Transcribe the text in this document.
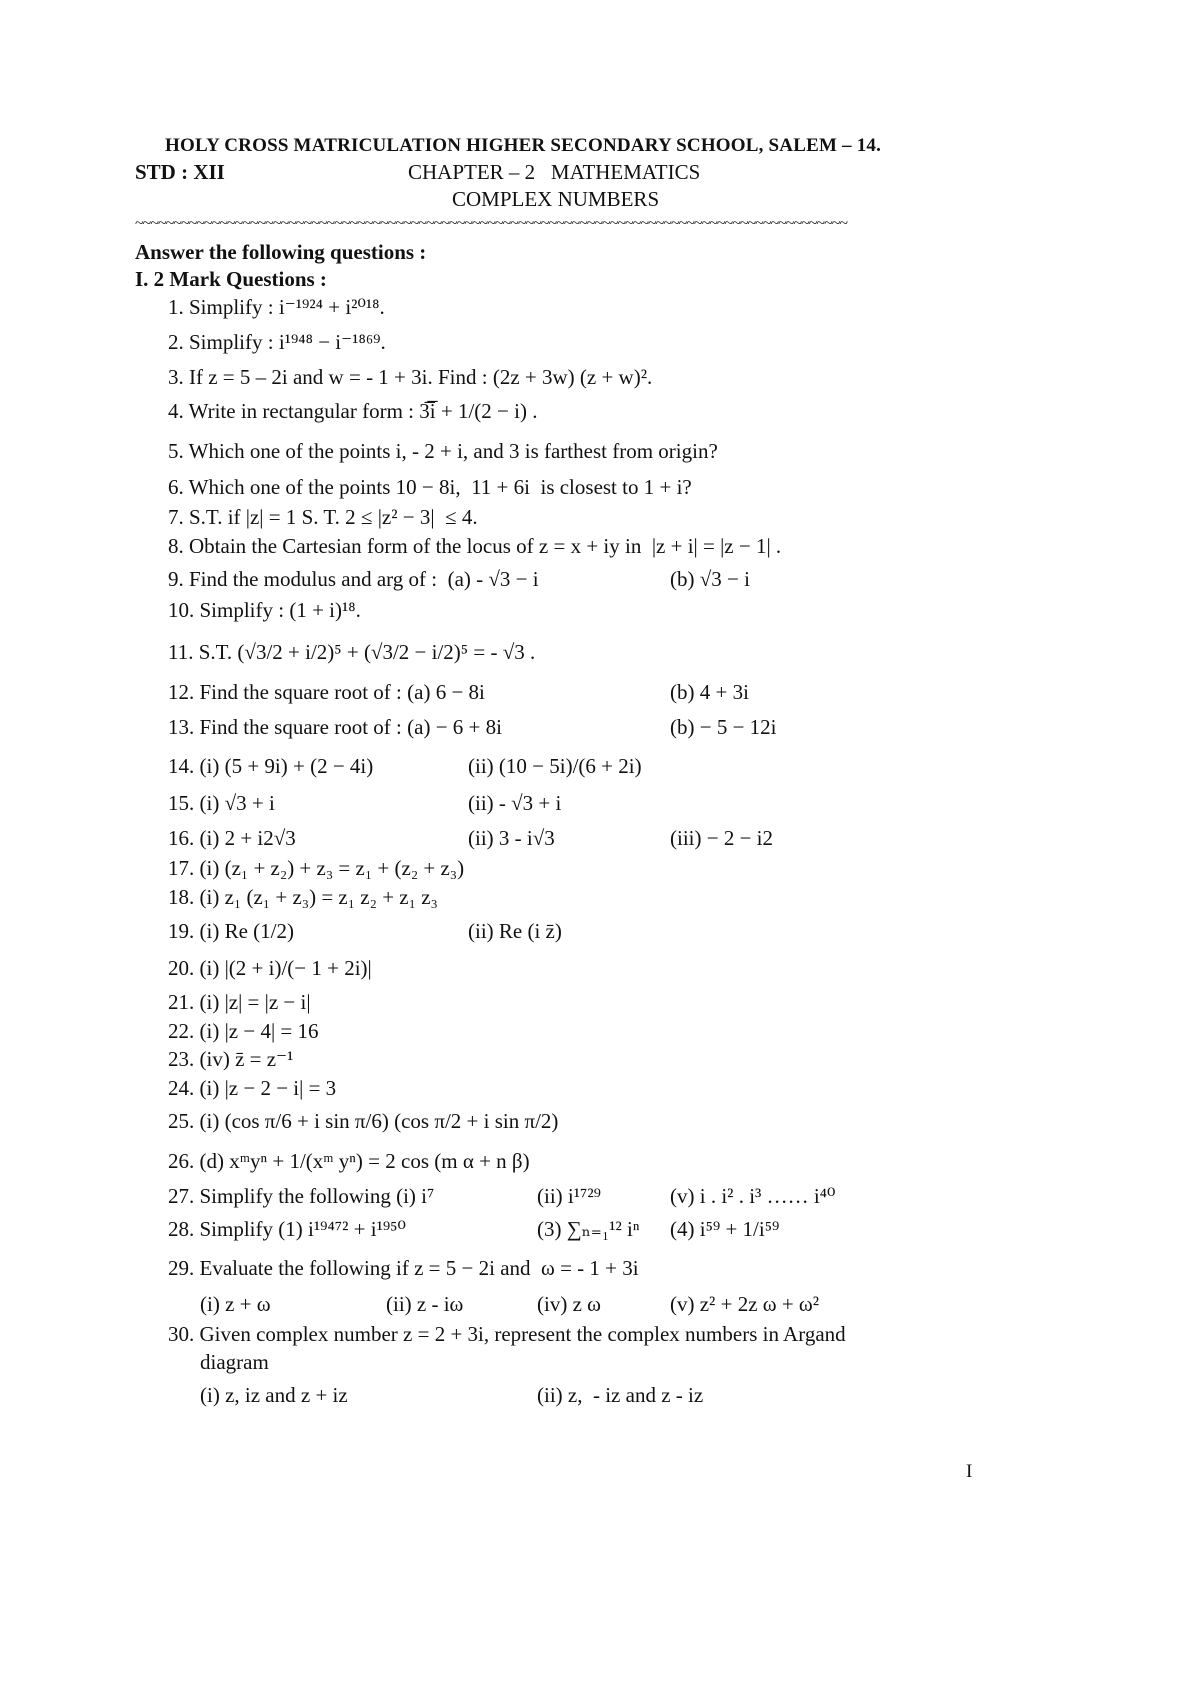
HOLY CROSS MATRICULATION HIGHER SECONDARY SCHOOL, SALEM – 14.
STD : XII	CHAPTER – 2   MATHEMATICS
COMPLEX NUMBERS
~~~~~~~~~~~~~~~~~~~~~~~~~~~~~~~~~~~~~~~~~~~~~~~~~~~~~~~~~~~~~~~~~~~~~~~~~~~~~~~~~~~~~~~~~~~~~
Answer the following questions :
I. 2 Mark Questions :
1. Simplify : i⁻¹⁹²⁴ + i²⁰¹⁸.
2. Simplify : i¹⁹⁴⁸ − i⁻¹⁸⁶⁹.
3. If z = 5 – 2i and w = - 1 + 3i. Find : (2z + 3w) (z + w)².
4. Write in rectangular form : 3̅i̅ + 1/(2 − i) .
5. Which one of the points i, - 2 + i, and 3 is farthest from origin?
6. Which one of the points 10 − 8i,  11 + 6i  is closest to 1 + i?
7. S.T. if |z| = 1 S. T. 2 ≤ |z² − 3|  ≤ 4.
8. Obtain the Cartesian form of the locus of z = x + iy in  |z + i| = |z − 1| .
9. Find the modulus and arg of :  (a) - √3 − i	(b) √3 − i
10. Simplify : (1 + i)¹⁸.
11. S.T. (√3/2 + i/2)⁵ + (√3/2 − i/2)⁵ = - √3 .
12. Find the square root of : (a) 6 − 8i	(b) 4 + 3i
13. Find the square root of : (a) − 6 + 8i	(b) − 5 − 12i
14. (i) (5 + 9i) + (2 − 4i)	(ii) (10 − 5i)/(6 + 2i)
15. (i) √3 + i	(ii) - √3 + i
16. (i) 2 + i2√3	(ii) 3 - i√3	(iii) − 2 − i2
17. (i) (z₁ + z₂) + z₃ = z₁ + (z₂ + z₃)
18. (i) z₁ (z₁ + z₃) = z₁ z₂ + z₁ z₃
19. (i) Re (1/2)	(ii) Re (i z̄)
20. (i) |(2 + i)/(− 1 + 2i)|
21. (i) |z| = |z − i|
22. (i) |z − 4| = 16
23. (iv) z̄ = z⁻¹
24. (i) |z − 2 − i| = 3
25. (i) (cos π/6 + i sin π/6) (cos π/2 + i sin π/2)
26. (d) xᵐyⁿ + 1/(xᵐ yⁿ) = 2 cos (m α + n β)
27. Simplify the following (i) i⁷	(ii) i¹⁷²⁹	(v) i . i² . i³ …… i⁴⁰
28. Simplify (1) i¹⁹⁴⁷² + i¹⁹⁵⁰	(3) ∑ₙ₌₁¹² iⁿ (4) i⁵⁹ + 1/i⁵⁹
29. Evaluate the following if z = 5 − 2i and  ω = - 1 + 3i
(i) z + ω	(ii) z - iω	(iv) z ω	(v) z² + 2z ω + ω²
30. Given complex number z = 2 + 3i, represent the complex numbers in Argand
diagram
(i) z, iz and z + iz	(ii) z,  - iz and z - iz
I
